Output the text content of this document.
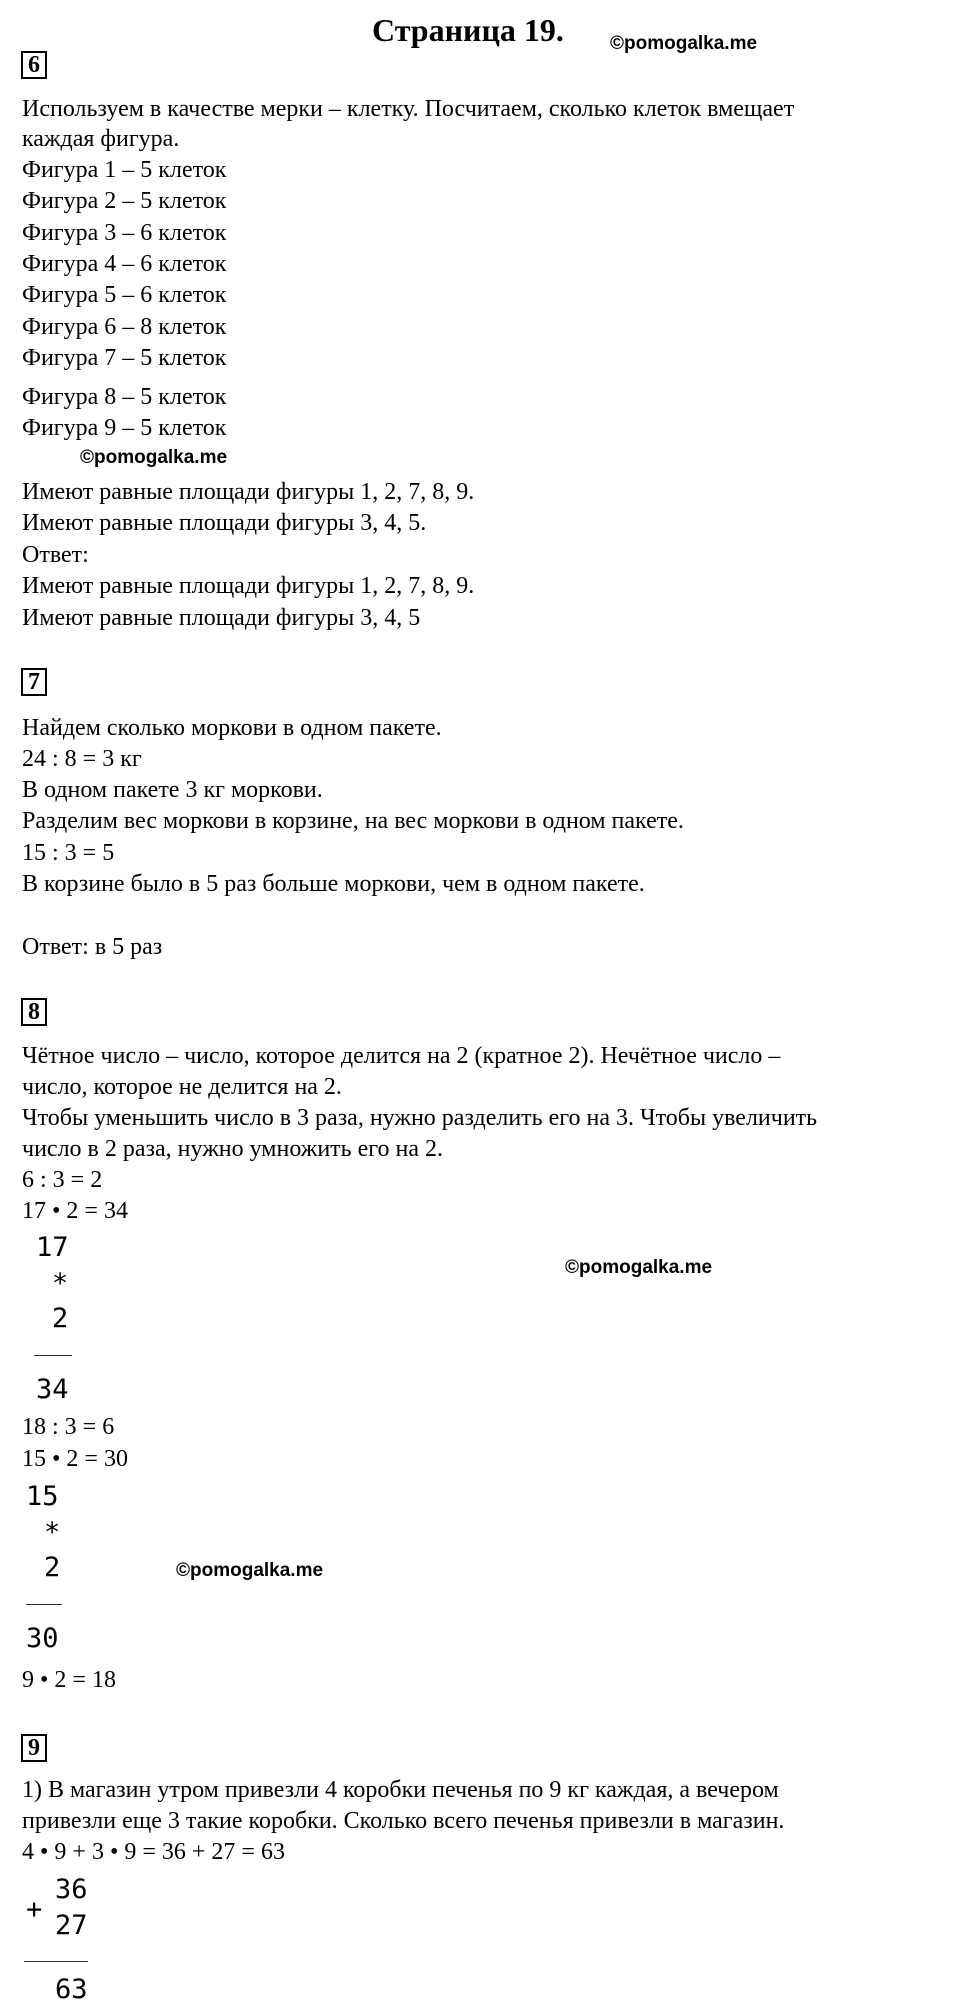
Страница 19. ©pomogalka.me
6
Используем в качестве мерки – клетку. Посчитаем, сколько клеток вмещает
каждая фигура.
Фигура 1 – 5 клеток
Фигура 2 – 5 клеток
Фигура 3 – 6 клеток
Фигура 4 – 6 клеток
Фигура 5 – 6 клеток
Фигура 6 – 8 клеток
Фигура 7 – 5 клеток
Фигура 8 – 5 клеток
Фигура 9 – 5 клеток
©pomogalka.me
Имеют равные площади фигуры 1, 2, 7, 8, 9.
Имеют равные площади фигуры 3, 4, 5.
Ответ:
Имеют равные площади фигуры 1, 2, 7, 8, 9.
Имеют равные площади фигуры 3, 4, 5
7
Найдем сколько моркови в одном пакете.
24 : 8 = 3 кг
В одном пакете 3 кг моркови.
Разделим вес моркови в корзине, на вес моркови в одном пакете.
15 : 3 = 5
В корзине было в 5 раз больше моркови, чем в одном пакете.
Ответ: в 5 раз
8
Чётное число – число, которое делится на 2 (кратное 2). Нечётное число –
число, которое не делится на 2.
Чтобы уменьшить число в 3 раза, нужно разделить его на 3. Чтобы увеличить
число в 2 раза, нужно умножить его на 2.
6 : 3 = 2
17 • 2 = 34
17
*
2
34
©pomogalka.me
18 : 3 = 6
15 • 2 = 30
15
*
2
30
©pomogalka.me
9 • 2 = 18
9
1) В магазин утром привезли 4 коробки печенья по 9 кг каждая, а вечером
привезли еще 3 такие коробки. Сколько всего печенья привезли в магазин.
4 • 9 + 3 • 9 = 36 + 27 = 63
+
36
27
63
